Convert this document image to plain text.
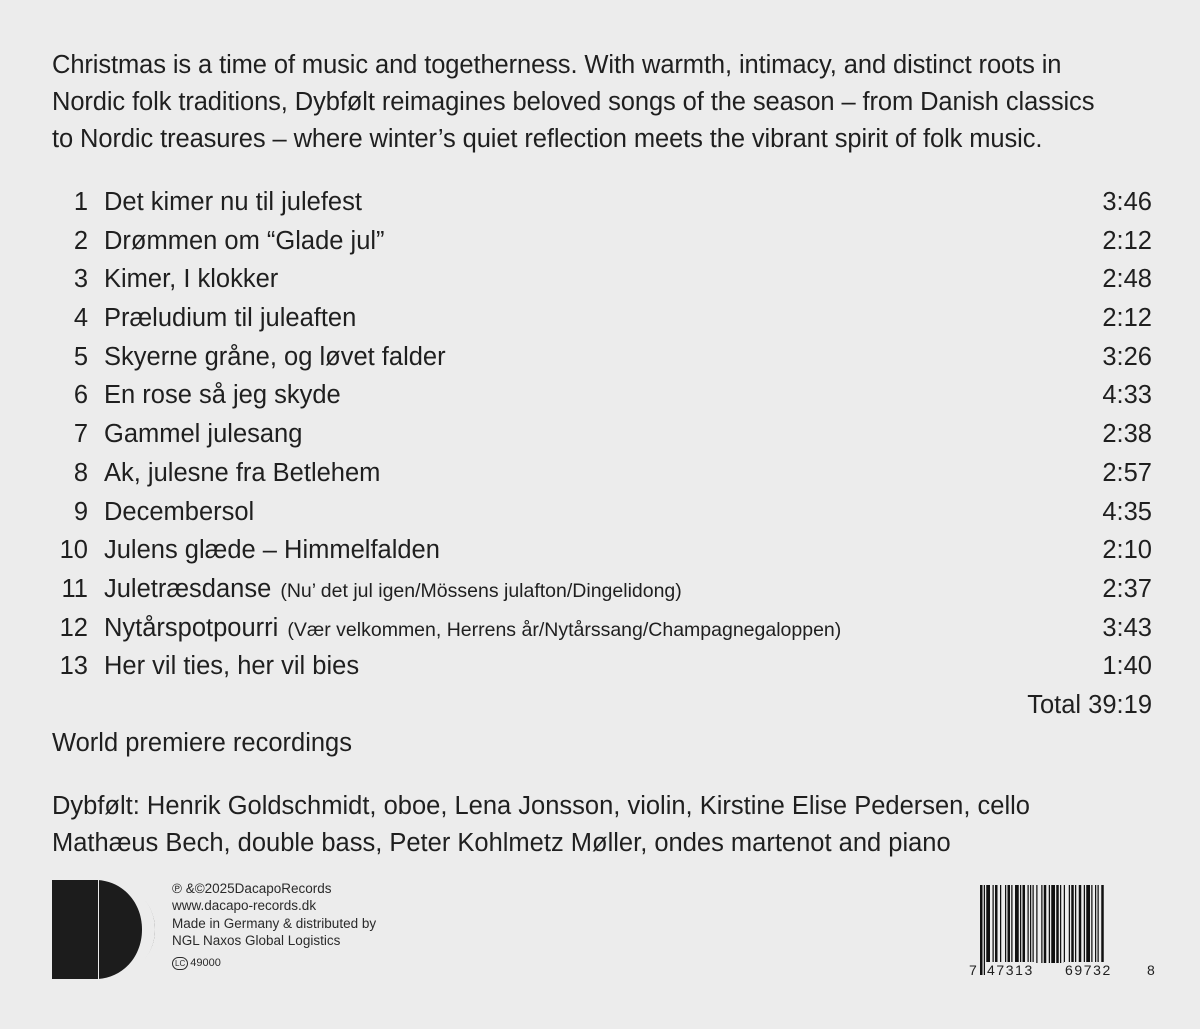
Christmas is a time of music and togetherness. With warmth, intimacy, and distinct roots in
Nordic folk traditions, Dybfølt reimagines beloved songs of the season – from Danish classics
to Nordic treasures – where winter’s quiet reflection meets the vibrant spirit of folk music.
1 Det kimer nu til julefest	3:46
2 Drømmen om “Glade jul”	2:12
3 Kimer, I klokker	2:48
4 Præludium til juleaften	2:12
5 Skyerne gråne, og løvet falder	3:26
6 En rose så jeg skyde	4:33
7 Gammel julesang	2:38
8 Ak, julesne fra Betlehem	2:57
9 Decembersol	4:35
10 Julens glæde – Himmelfalden	2:10
11 Juletræsdanse (Nu’ det jul igen/Mössens julafton/Dingelidong)	2:37
12 Nytårspotpourri (Vær velkommen, Herrens år/Nytårssang/Champagnegaloppen)	3:43
13 Her vil ties, her vil bies	1:40
Total 39:19
World premiere recordings
Dybfølt: Henrik Goldschmidt, oboe, Lena Jonsson, violin, Kirstine Elise Pedersen, cello
Mathæus Bech, double bass, Peter Kohlmetz Møller, ondes martenot and piano
℗ &©2025DacapoRecords
www.dacapo-records.dk
Made in Germany & distributed by
NGL Naxos Global Logistics
LC 49000	7 47313 69732	8
